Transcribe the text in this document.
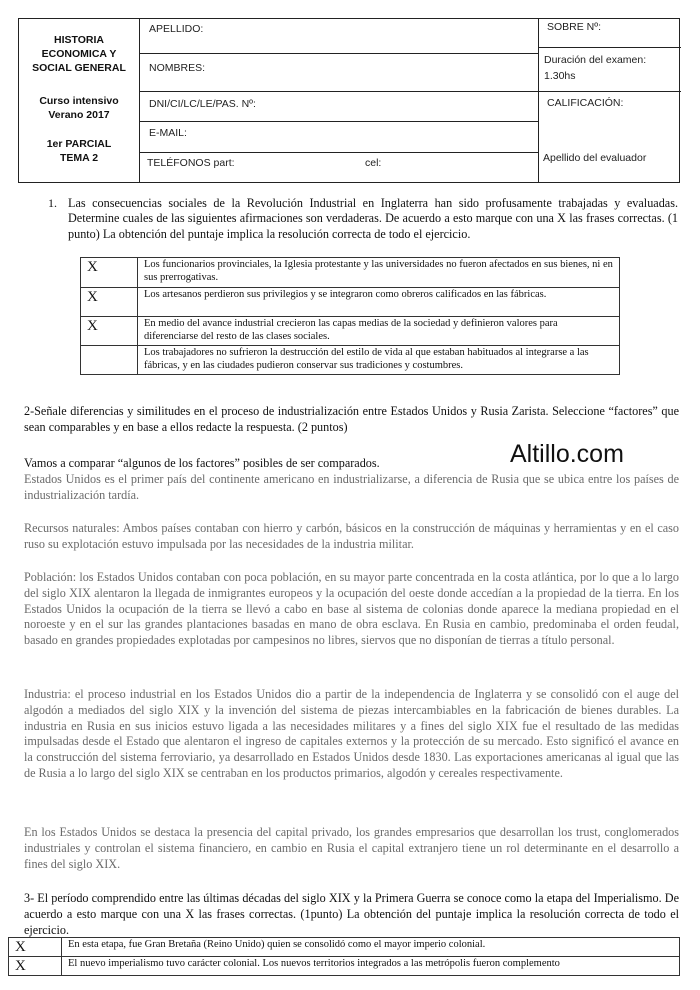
HISTORIA
ECONOMICA Y
SOCIAL GENERAL
Curso intensivo
Verano 2017
1er PARCIAL
TEMA 2
APELLIDO:
NOMBRES:
DNI/CI/LC/LE/PAS. Nº:
E-MAIL:
TELÉFONOS part:	cel:
SOBRE Nº:
Duración del examen:
1.30hs
CALIFICACIÓN:
Apellido del evaluador
1. Las consecuencias sociales de la Revolución Industrial en Inglaterra han sido profusamente trabajadas y evaluadas. Determine cuales de las siguientes afirmaciones son verdaderas. De acuerdo a esto marque con una X las frases correctas. (1 punto) La obtención del puntaje implica la resolución correcta de todo el ejercicio.
X	Los funcionarios provinciales, la Iglesia protestante y las universidades no fueron afectados en sus bienes, ni en sus prerrogativas.
X	Los artesanos perdieron sus privilegios y se integraron como obreros calificados en las fábricas.
X	En medio del avance industrial crecieron las capas medias de la sociedad y definieron valores para diferenciarse del resto de las clases sociales.
	Los trabajadores no sufrieron la destrucción del estilo de vida al que estaban habituados al integrarse a las fábricas, y en las ciudades pudieron conservar sus tradiciones y costumbres.
2-Señale diferencias y similitudes en el proceso de industrialización entre Estados Unidos y Rusia Zarista. Seleccione “factores” que sean comparables y en base a ellos redacte la respuesta. (2 puntos)
Vamos a comparar “algunos de los factores” posibles de ser comparados.	Altillo.com
Estados Unidos es el primer país del continente americano en industrializarse, a diferencia de Rusia que se ubica entre los países de industrialización tardía.
Recursos naturales: Ambos países contaban con hierro y carbón, básicos en la construcción de máquinas y herramientas y en el caso ruso su explotación estuvo impulsada por las necesidades de la industria militar.
Población: los Estados Unidos contaban con poca población, en su mayor parte concentrada en la costa atlántica, por lo que a lo largo del siglo XIX alentaron la llegada de inmigrantes europeos y la ocupación del oeste donde accedían a la propiedad de la tierra. En los Estados Unidos la ocupación de la tierra se llevó a cabo en base al sistema de colonias donde aparece la mediana propiedad en el noroeste y en el sur las grandes plantaciones basadas en mano de obra esclava. En Rusia en cambio, predominaba el orden feudal, basado en grandes propiedades explotadas por campesinos no libres, siervos que no disponían de tierras a título personal.
Industria: el proceso industrial en los Estados Unidos dio a partir de la independencia de Inglaterra y se consolidó con el auge del algodón a mediados del siglo XIX y la invención del sistema de piezas intercambiables en la fabricación de bienes durables. La industria en Rusia en sus inicios estuvo ligada a las necesidades militares y a fines del siglo XIX fue el resultado de las medidas impulsadas desde el Estado que alentaron el ingreso de capitales externos y la protección de su mercado. Esto significó el avance en la construcción del sistema ferroviario, ya desarrollado en Estados Unidos desde 1830. Las exportaciones americanas al igual que las de Rusia a lo largo del siglo XIX se centraban en los productos primarios, algodón y cereales respectivamente.
En los Estados Unidos se destaca la presencia del capital privado, los grandes empresarios que desarrollan los trust, conglomerados industriales y controlan el sistema financiero, en cambio en Rusia el capital extranjero tiene un rol determinante en el desarrollo a fines del siglo XIX.
3- El período comprendido entre las últimas décadas del siglo XIX y la Primera Guerra se conoce como la etapa del Imperialismo. De acuerdo a esto marque con una X las frases correctas. (1punto) La obtención del puntaje implica la resolución correcta de todo el ejercicio.
X	En esta etapa, fue Gran Bretaña (Reino Unido) quien se consolidó como el mayor imperio colonial.
X	El nuevo imperialismo tuvo carácter colonial. Los nuevos territorios integrados a las metrópolis fueron complemento
